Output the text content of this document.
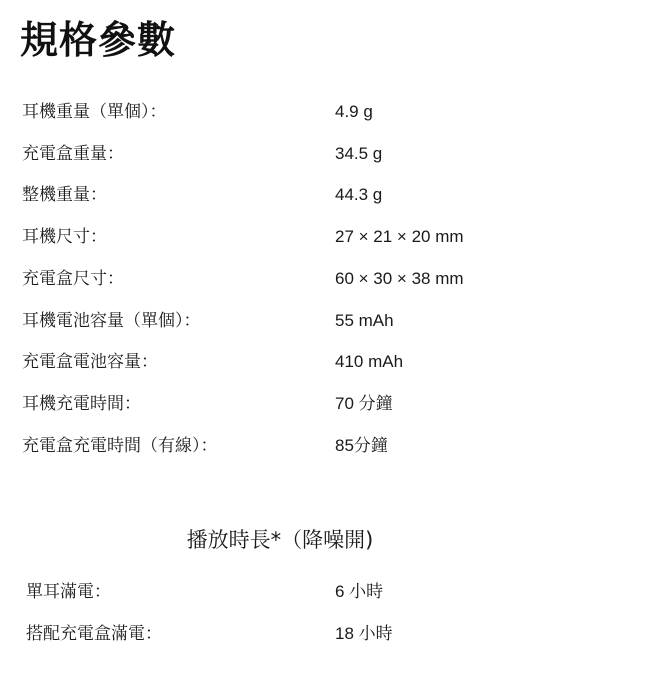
規格參數
耳機重量（單個）：	4.9 g
充電盒重量：	34.5 g
整機重量：	44.3 g
耳機尺寸：	27 × 21 × 20 mm
充電盒尺寸：	60 × 30 × 38 mm
耳機電池容量（單個）：	55 mAh
充電盒電池容量：	410 mAh
耳機充電時間：	70 分鐘
充電盒充電時間（有線）：	85分鐘
播放時長*（降噪開)
單耳滿電：	6 小時
搭配充電盒滿電：	18 小時
